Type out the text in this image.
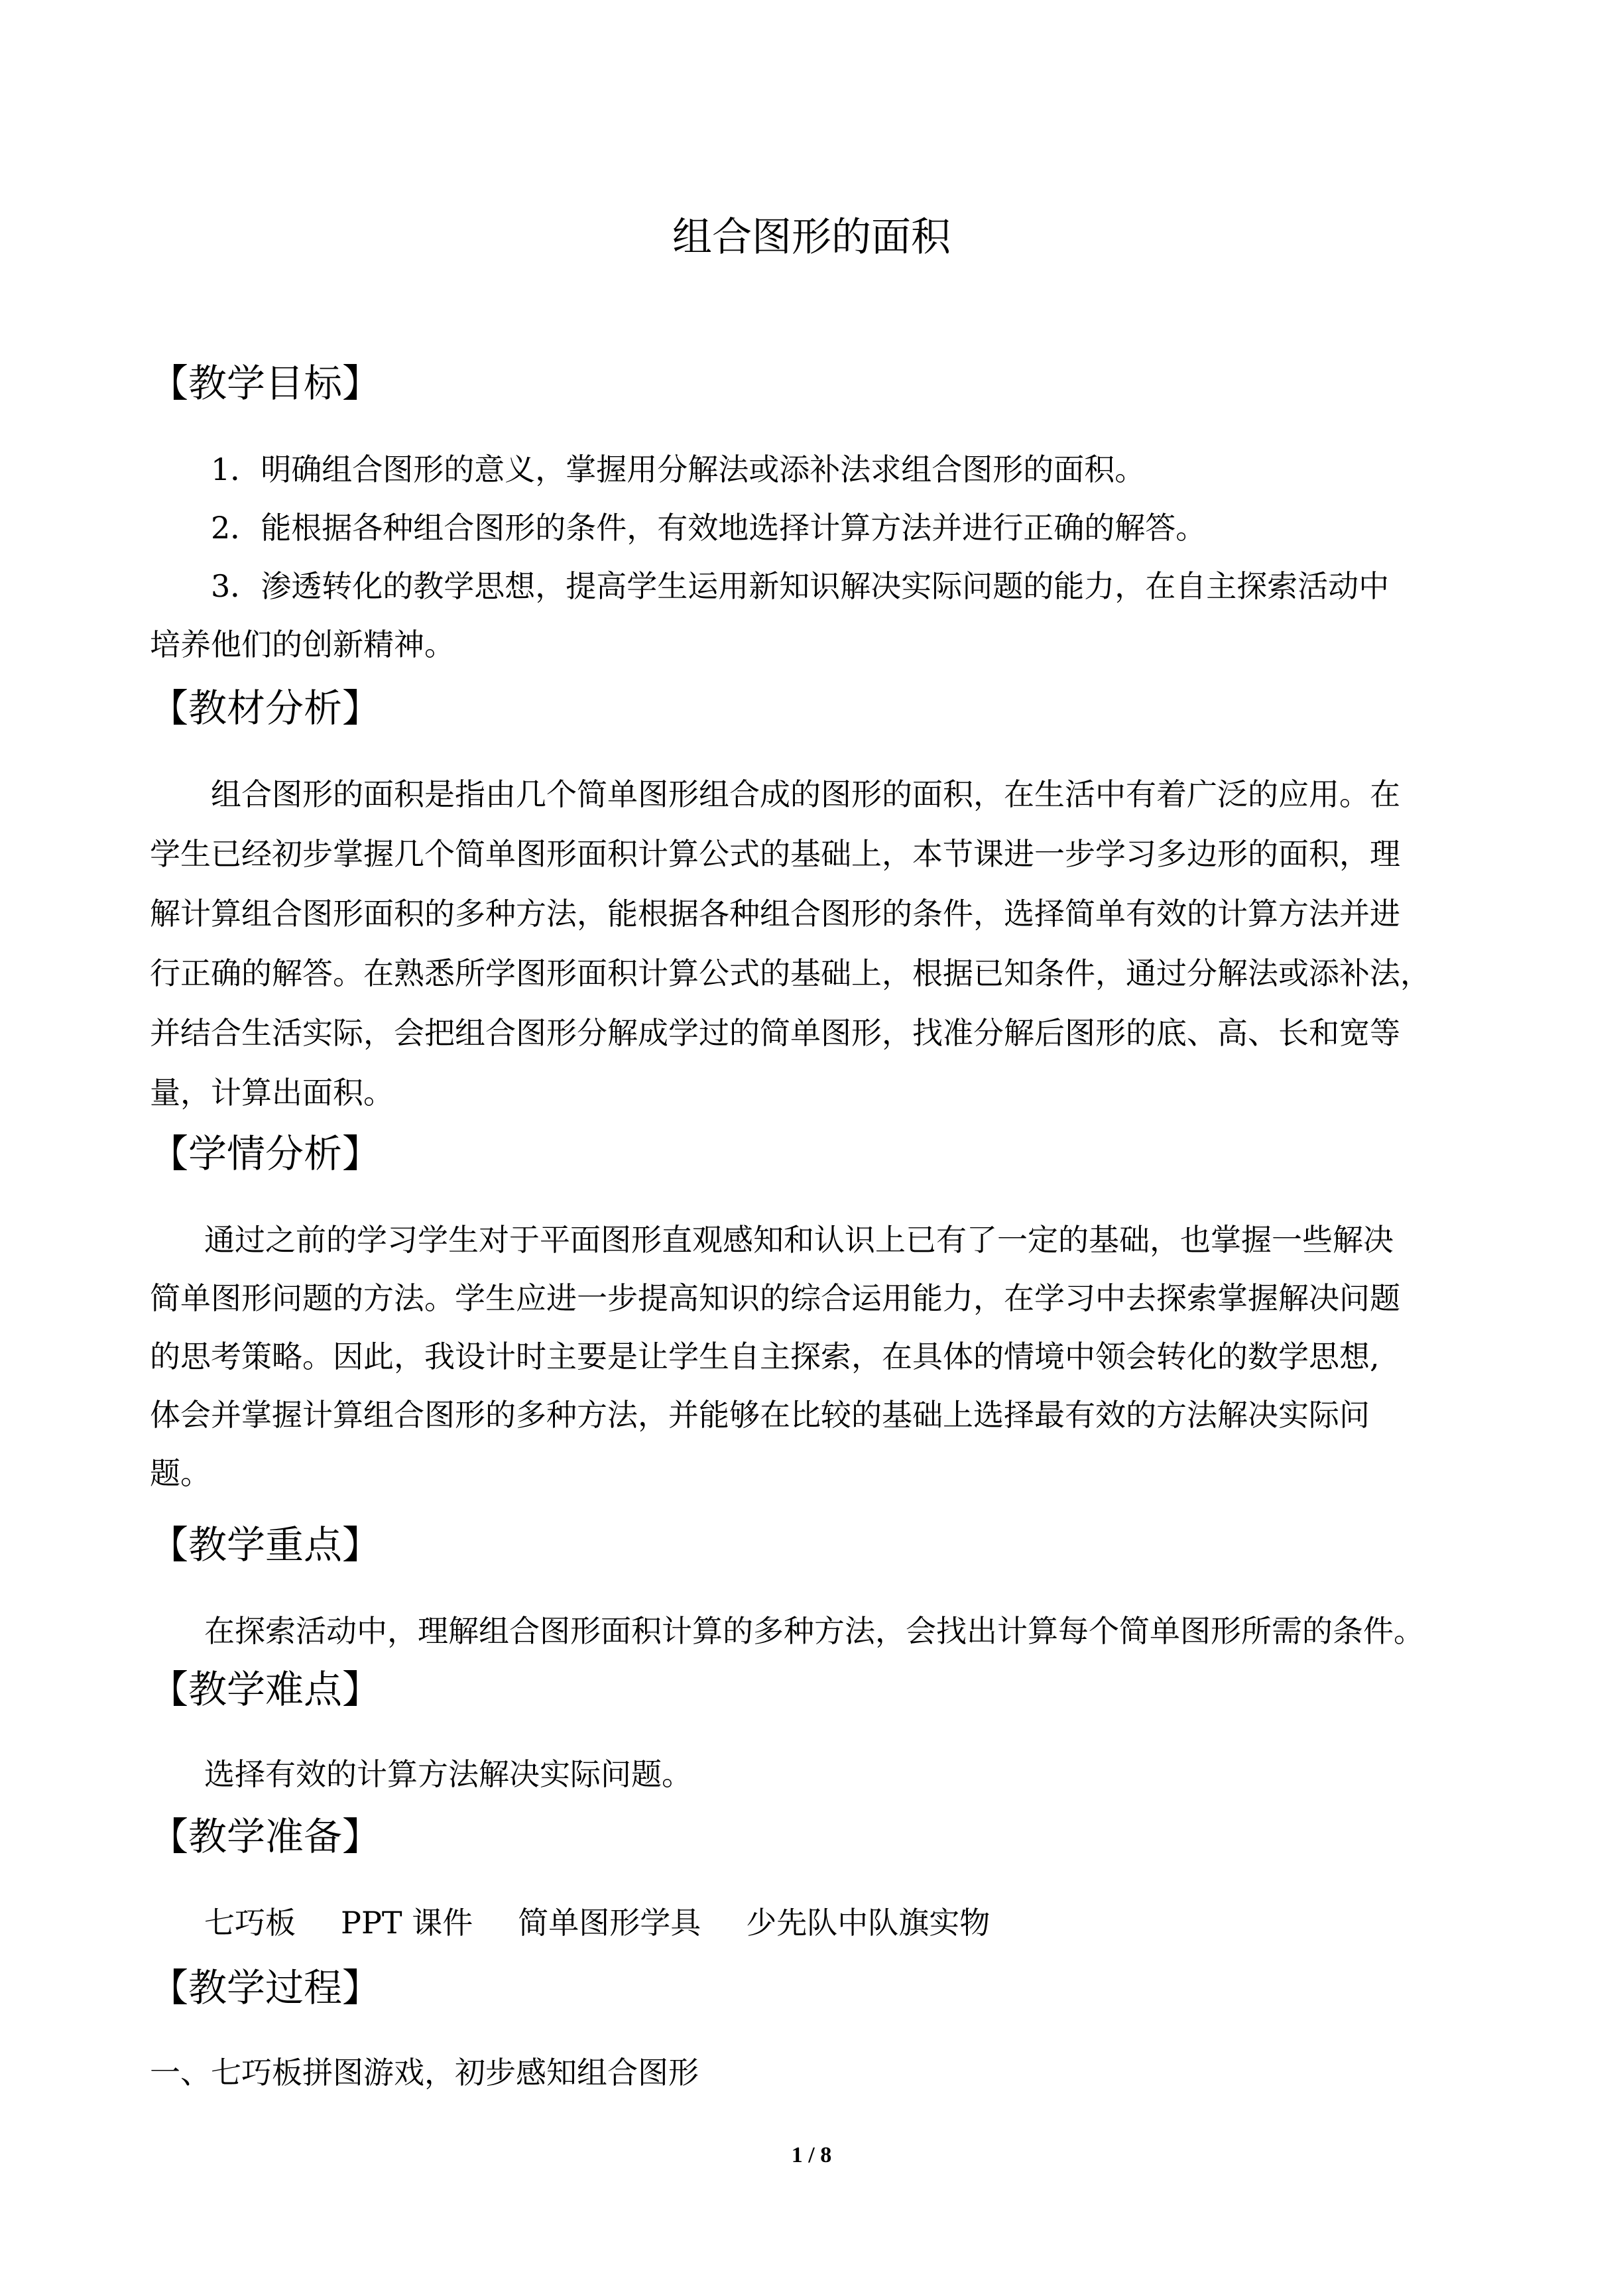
组合图形的面积
【教学目标】
1．明确组合图形的意义，掌握用分解法或添补法求组合图形的面积。
2．能根据各种组合图形的条件，有效地选择计算方法并进行正确的解答。
3．渗透转化的教学思想，提高学生运用新知识解决实际问题的能力，在自主探索活动中
培养他们的创新精神。
【教材分析】
组合图形的面积是指由几个简单图形组合成的图形的面积，在生活中有着广泛的应用。在
学生已经初步掌握几个简单图形面积计算公式的基础上，本节课进一步学习多边形的面积，理
解计算组合图形面积的多种方法，能根据各种组合图形的条件，选择简单有效的计算方法并进
行正确的解答。在熟悉所学图形面积计算公式的基础上，根据已知条件，通过分解法或添补法，
并结合生活实际，会把组合图形分解成学过的简单图形，找准分解后图形的底、高、长和宽等
量，计算出面积。
【学情分析】
通过之前的学习学生对于平面图形直观感知和认识上已有了一定的基础，也掌握一些解决
简单图形问题的方法。学生应进一步提高知识的综合运用能力，在学习中去探索掌握解决问题
的思考策略。因此，我设计时主要是让学生自主探索，在具体的情境中领会转化的数学思想,
体会并掌握计算组合图形的多种方法，并能够在比较的基础上选择最有效的方法解决实际问
题。
【教学重点】
在探索活动中，理解组合图形面积计算的多种方法，会找出计算每个简单图形所需的条件。
【教学难点】
选择有效的计算方法解决实际问题。
【教学准备】
七巧板 PPT 课件 简单图形学具 少先队中队旗实物
【教学过程】
一、七巧板拼图游戏，初步感知组合图形
1 / 8
